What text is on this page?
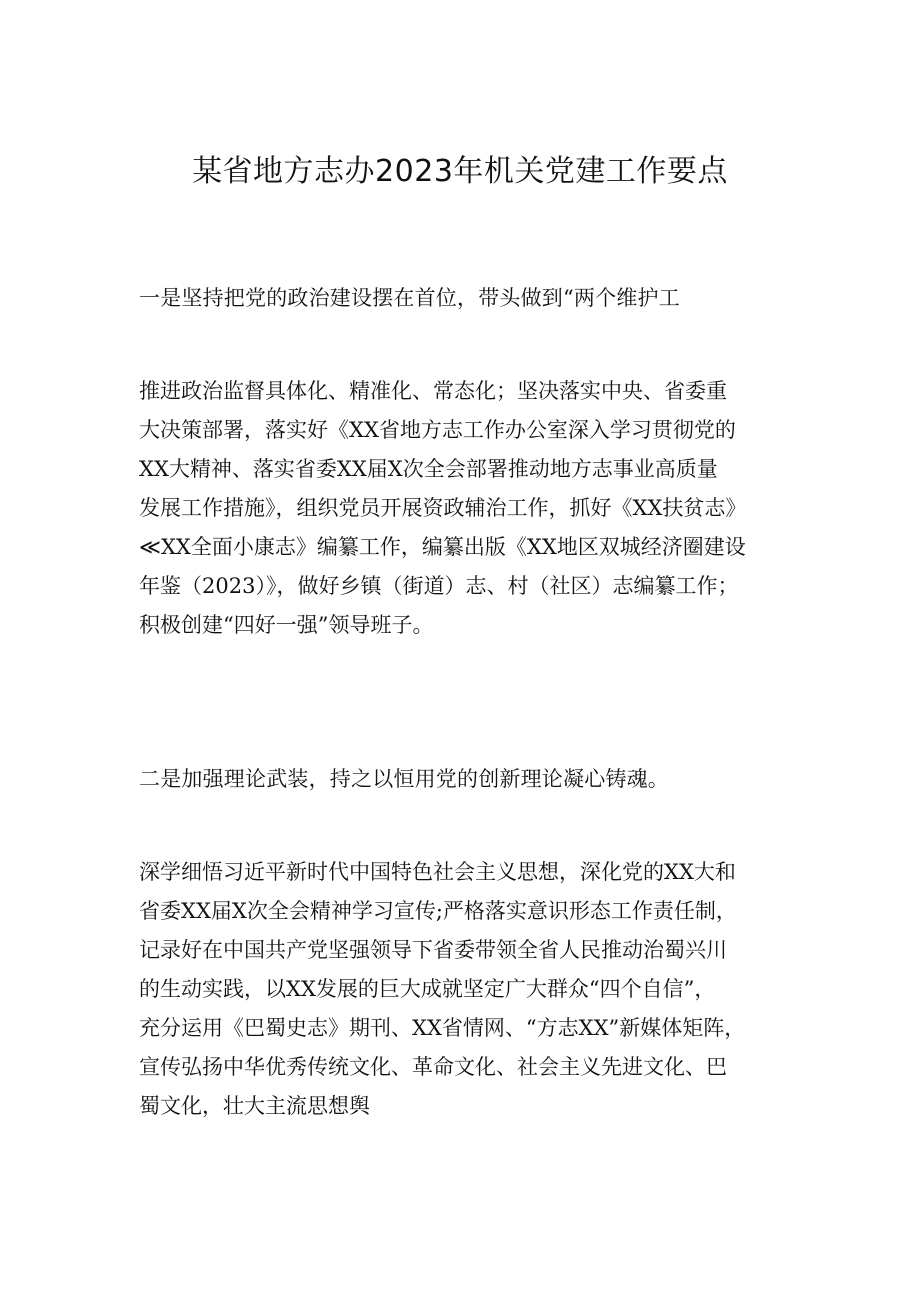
某省地方志办2023年机关党建工作要点
一是坚持把党的政治建设摆在首位，带头做到“两个维护工
推进政治监督具体化、精准化、常态化；坚决落实中央、省委重
大决策部署，落实好《XX省地方志工作办公室深入学习贯彻党的
XX大精神、落实省委XX届X次全会部署推动地方志事业高质量
发展工作措施》，组织党员开展资政辅治工作，抓好《XX扶贫志》
≪XX全面小康志》编纂工作，编纂出版《XX地区双城经济圈建设
年鉴（2023）》，做好乡镇（街道）志、村（社区）志编纂工作；
积极创建“四好一强”领导班子。
二是加强理论武装，持之以恒用党的创新理论凝心铸魂。
深学细悟习近平新时代中国特色社会主义思想，深化党的XX大和
省委XX届X次全会精神学习宣传;严格落实意识形态工作责任制，
记录好在中国共产党坚强领导下省委带领全省人民推动治蜀兴川
的生动实践，以XX发展的巨大成就坚定广大群众“四个自信”，
充分运用《巴蜀史志》期刊、XX省情网、“方志XX”新媒体矩阵，
宣传弘扬中华优秀传统文化、革命文化、社会主义先进文化、巴
蜀文化，壮大主流思想舆
